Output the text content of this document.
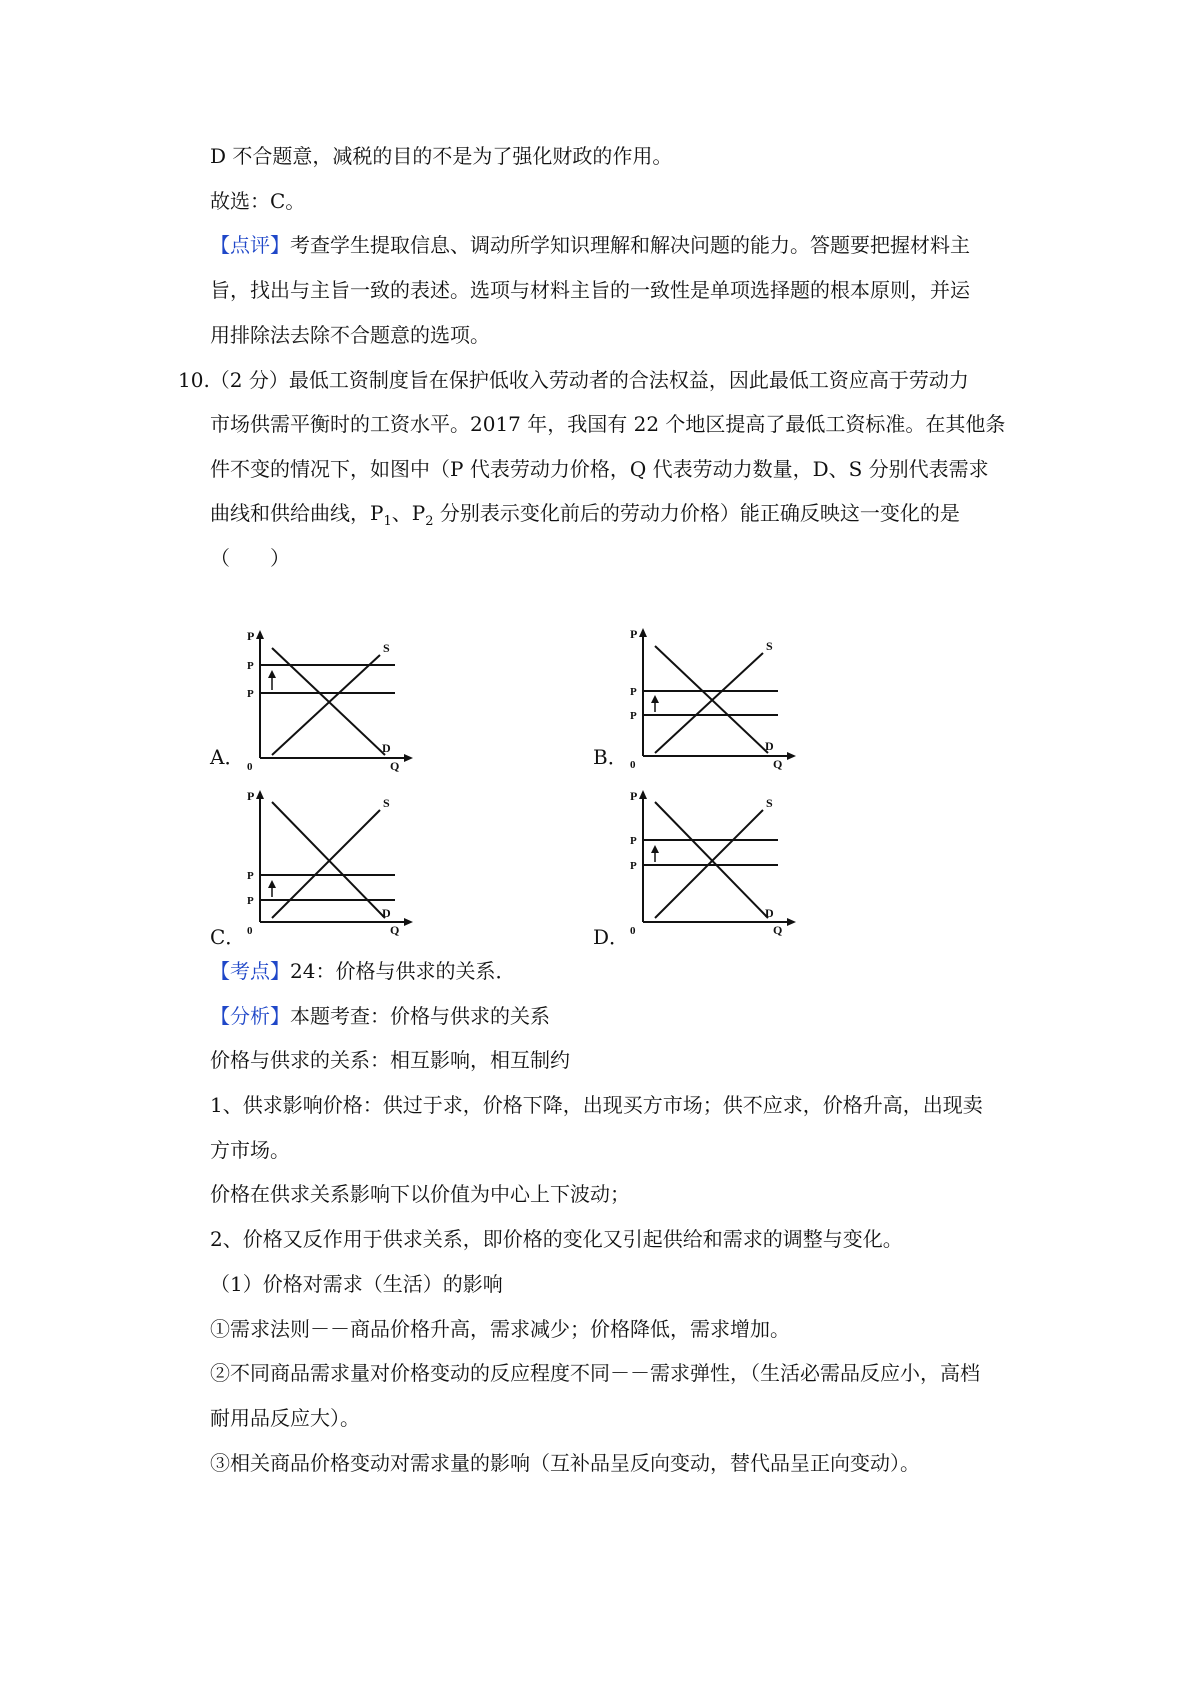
D 不合题意，减税的目的不是为了强化财政的作用。
故选：C。
【点评】考查学生提取信息、调动所学知识理解和解决问题的能力。答题要把握材料主
旨，找出与主旨一致的表述。选项与材料主旨的一致性是单项选择题的根本原则，并运
用排除法去除不合题意的选项。
10.（2 分）最低工资制度旨在保护低收入劳动者的合法权益，因此最低工资应高于劳动力
市场供需平衡时的工资水平。2017 年，我国有 22 个地区提高了最低工资标准。在其他条
件不变的情况下，如图中（P 代表劳动力价格，Q 代表劳动力数量，D、S 分别代表需求
曲线和供给曲线，$P_1$、$P_2$ 分别表示变化前后的劳动力价格）能正确反映这一变化的是
（　　）
P
P
P
S
D
Q
0
A．
P
P
P
S
D
Q
0
B．
P
P
P
S
D
Q
0
C．
P
P
P
S
D
Q
0
D．
【考点】24：价格与供求的关系．
【分析】本题考查：价格与供求的关系
价格与供求的关系：相互影响，相互制约
1、供求影响价格：供过于求，价格下降，出现买方市场；供不应求，价格升高，出现卖
方市场。
价格在供求关系影响下以价值为中心上下波动；
2、价格又反作用于供求关系，即价格的变化又引起供给和需求的调整与变化。
（1）价格对需求（生活）的影响
①需求法则－－商品价格升高，需求减少；价格降低，需求增加。
②不同商品需求量对价格变动的反应程度不同－－需求弹性，（生活必需品反应小，高档
耐用品反应大）。
③相关商品价格变动对需求量的影响（互补品呈反向变动，替代品呈正向变动）。
